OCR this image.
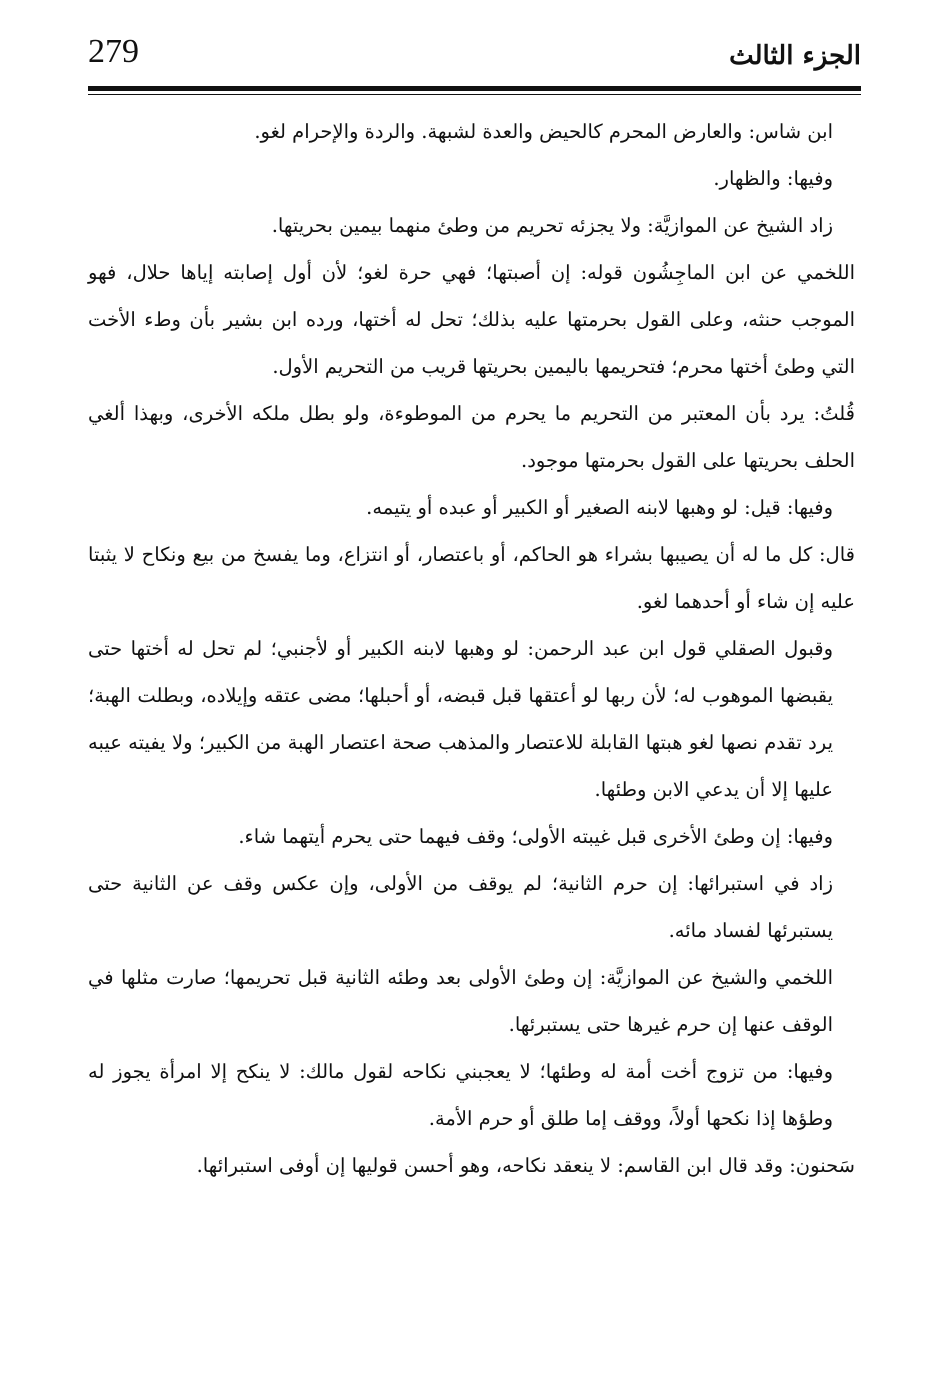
279	الجزء الثالث

ابن شاس: والعارض المحرم كالحيض والعدة لشبهة. والردة والإحرام لغو.

وفيها: والظهار.

زاد الشيخ عن الموازيَّة: ولا يجزئه تحريم من وطئ منهما بيمين بحريتها.

اللخمي عن ابن الماجِشُون قوله: إن أصبتها؛ فهي حرة لغو؛ لأن أول إصابته إياها حلال، فهو الموجب حنثه، وعلى القول بحرمتها عليه بذلك؛ تحل له أختها، ورده ابن بشير بأن وطء الأخت التي وطئ أختها محرم؛ فتحريمها باليمين بحريتها قريب من التحريم الأول.

قُلتُ: يرد بأن المعتبر من التحريم ما يحرم من الموطوءة، ولو بطل ملكه الأخرى، وبهذا ألغي الحلف بحريتها على القول بحرمتها موجود.

وفيها: قيل: لو وهبها لابنه الصغير أو الكبير أو عبده أو يتيمه.

قال: كل ما له أن يصيبها بشراء هو الحاكم، أو باعتصار، أو انتزاع، وما يفسخ من بيع ونكاح لا يثبتا عليه إن شاء أو أحدهما لغو.

وقبول الصقلي قول ابن عبد الرحمن: لو وهبها لابنه الكبير أو لأجنبي؛ لم تحل له أختها حتى يقبضها الموهوب له؛ لأن ربها لو أعتقها قبل قبضه، أو أحبلها؛ مضى عتقه وإيلاده، وبطلت الهبة؛ يرد تقدم نصها لغو هبتها القابلة للاعتصار والمذهب صحة اعتصار الهبة من الكبير؛ ولا يفيته عيبه عليها إلا أن يدعي الابن وطئها.

وفيها: إن وطئ الأخرى قبل غيبته الأولى؛ وقف فيهما حتى يحرم أيتهما شاء.

زاد في استبرائها: إن حرم الثانية؛ لم يوقف من الأولى، وإن عكس وقف عن الثانية حتى يستبرئها لفساد مائه.

اللخمي والشيخ عن الموازيَّة: إن وطئ الأولى بعد وطئه الثانية قبل تحريمها؛ صارت مثلها في الوقف عنها إن حرم غيرها حتى يستبرئها.

وفيها: من تزوج أخت أمة له وطئها؛ لا يعجبني نكاحه لقول مالك: لا ينكح إلا امرأة يجوز له وطؤها إذا نكحها أولاً، ووقف إما طلق أو حرم الأمة.

سَحنون: وقد قال ابن القاسم: لا ينعقد نكاحه، وهو أحسن قوليها إن أوفى استبرائها.
